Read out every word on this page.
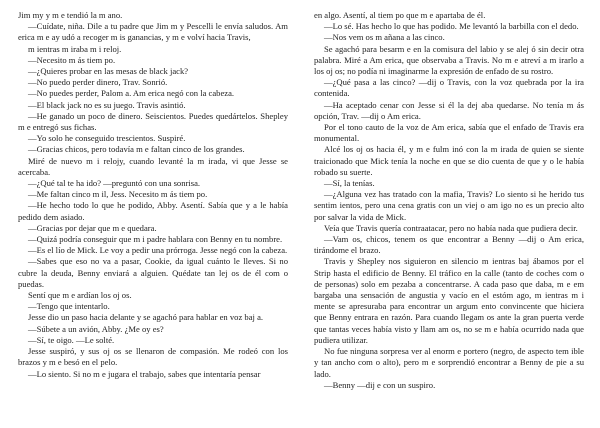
Jim my y m e tendió la m ano.

—Cuídate, niña. Dile a tu padre que Jim m y Pescelli le envía saludos. Am erica m e ay udó a recoger m is ganancias, y m e volví hacia Travis,

m ientras m iraba m i reloj.

—Necesito m ás tiem po.

—¿Quieres probar en las mesas de black jack?

—No puedo perder dinero, Trav. Sonrió.

—No puedes perder, Palom a. Am erica negó con la cabeza.

—El black jack no es su juego. Travis asintió.

—He ganado un poco de dinero. Seiscientos. Puedes quedártelos. Shepley m e entregó sus fichas.

—Yo solo he conseguido trescientos. Suspiré.

—Gracias chicos, pero todavía m e faltan cinco de los grandes.

Miré de nuevo m i relojy, cuando levanté la m irada, vi que Jesse se acercaba.

—¿Qué tal te ha ido? —preguntó con una sonrisa.

—Me faltan cinco m il, Jess. Necesito m ás tiem po.

—He hecho todo lo que he podido, Abby. Asentí. Sabía que y a le había pedido dem asiado.

—Gracias por dejar que m e quedara.

—Quizá podría conseguir que m i padre hablara con Benny en tu nombre.

—Es el lío de Mick. Le voy a pedir una prórroga. Jesse negó con la cabeza.

—Sabes que eso no va a pasar, Cookie, da igual cuánto le lleves. Si no cubre la deuda, Benny enviará a alguien. Quédate tan lej os de él com o puedas.

Sentí que m e ardían los oj os.

—Tengo que intentarlo.

Jesse dio un paso hacia delante y se agachó para hablar en voz baj a.

—Súbete a un avión, Abby. ¿Me oy es?

—Sí, te oigo. —Le solté.

Jesse suspiró, y sus oj os se llenaron de compasión. Me rodeó con los brazos y m e besó en el pelo.

—Lo siento. Si no m e jugara el trabajo, sabes que intentaría pensar

en algo. Asentí, al tiem po que m e apartaba de él.

—Lo sé. Has hecho lo que has podido. Me levantó la barbilla con el dedo.

—Nos vem os m añana a las cinco.

Se agachó para besarm e en la comisura del labio y se alej ó sin decir otra palabra. Miré a Am erica, que observaba a Travis. No m e atreví a m irarlo a los oj os; no podía ni imaginarme la expresión de enfado de su rostro.

—¿Qué pasa a las cinco? —dij o Travis, con la voz quebrada por la ira contenida.

—Ha aceptado cenar con Jesse si él la dej aba quedarse. No tenía m ás opción, Trav. —dij o Am erica.

Por el tono cauto de la voz de Am erica, sabía que el enfado de Travis era monumental.

Alcé los oj os hacia él, y m e fulm inó con la m irada de quien se siente traicionado que Mick tenía la noche en que se dio cuenta de que y o le había robado su suerte.

—Sí, la tenías.

—¿Alguna vez has tratado con la mafia, Travis? Lo siento si he herido tus sentim ientos, pero una cena gratis con un viej o am igo no es un precio alto por salvar la vida de Mick.

Veía que Travis quería contraatacar, pero no había nada que pudiera decir.

—Vam os, chicos, tenem os que encontrar a Benny —dij o Am erica, tirándome el brazo.

Travis y Shepley nos siguieron en silencio m ientras baj ábamos por el Strip hasta el edificio de Benny. El tráfico en la calle (tanto de coches com o de personas) solo em pezaba a concentrarse. A cada paso que daba, m e em bargaba una sensación de angustia y vacío en el estóm ago, m ientras m i mente se apresuraba para encontrar un argum ento convincente que hiciera que Benny entrara en razón. Para cuando llegam os ante la gran puerta verde que tantas veces había visto y llam am os, no se m e había ocurrido nada que pudiera utilizar.

No fue ninguna sorpresa ver al enorm e portero (negro, de aspecto tem ible y tan ancho com o alto), pero m e sorprendió encontrar a Benny de pie a su lado.

—Benny —dij e con un suspiro.
